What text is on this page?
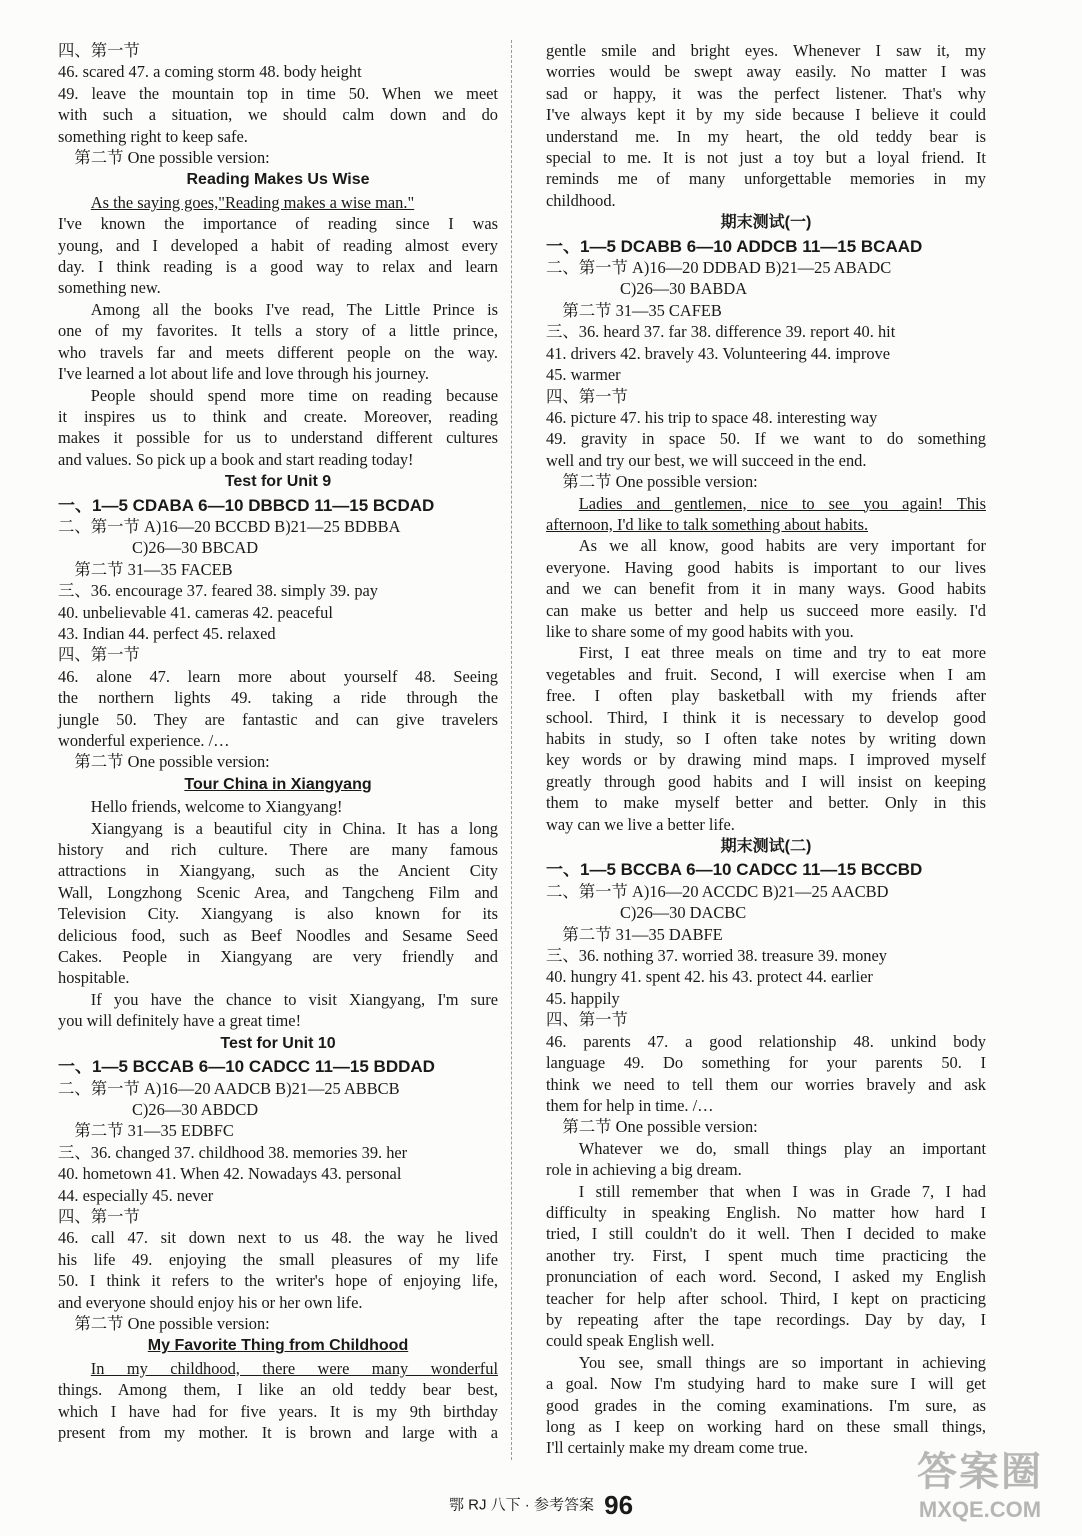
四、第一节
46. scared 47. a coming storm 48. body height
49. leave the mountain top in time 50. When we meet
with such a situation, we should calm down and do
something right to keep safe.
第二节 One possible version:
Reading Makes Us Wise
As the saying goes,"Reading makes a wise man."
I've known the importance of reading since I was
young, and I developed a habit of reading almost every
day. I think reading is a good way to relax and learn
something new.
Among all the books I've read, The Little Prince is
one of my favorites. It tells a story of a little prince,
who travels far and meets different people on the way.
I've learned a lot about life and love through his journey.
People should spend more time on reading because
it inspires us to think and create. Moreover, reading
makes it possible for us to understand different cultures
and values. So pick up a book and start reading today!
Test for Unit 9
一、1—5 CDABA 6—10 DBBCD 11—15 BCDAD
二、第一节 A)16—20 BCCBD B)21—25 BDBBA
C)26—30 BBCAD
第二节 31—35 FACEB
三、36. encourage 37. feared 38. simply 39. pay
40. unbelievable 41. cameras 42. peaceful
43. Indian 44. perfect 45. relaxed
四、第一节
46. alone 47. learn more about yourself 48. Seeing
the northern lights 49. taking a ride through the
jungle 50. They are fantastic and can give travelers
wonderful experience. /…
第二节 One possible version:
Tour China in Xiangyang
Hello friends, welcome to Xiangyang!
Xiangyang is a beautiful city in China. It has a long
history and rich culture. There are many famous
attractions in Xiangyang, such as the Ancient City
Wall, Longzhong Scenic Area, and Tangcheng Film and
Television City. Xiangyang is also known for its
delicious food, such as Beef Noodles and Sesame Seed
Cakes. People in Xiangyang are very friendly and
hospitable.
If you have the chance to visit Xiangyang, I'm sure
you will definitely have a great time!
Test for Unit 10
一、1—5 BCCAB 6—10 CADCC 11—15 BDDAD
二、第一节 A)16—20 AADCB B)21—25 ABBCB
C)26—30 ABDCD
第二节 31—35 EDBFC
三、36. changed 37. childhood 38. memories 39. her
40. hometown 41. When 42. Nowadays 43. personal
44. especially 45. never
四、第一节
46. call 47. sit down next to us 48. the way he lived
his life 49. enjoying the small pleasures of my life
50. I think it refers to the writer's hope of enjoying life,
and everyone should enjoy his or her own life.
第二节 One possible version:
My Favorite Thing from Childhood
In my childhood, there were many wonderful
things. Among them, I like an old teddy bear best,
which I have had for five years. It is my 9th birthday
present from my mother. It is brown and large with a
gentle smile and bright eyes. Whenever I saw it, my
worries would be swept away easily. No matter I was
sad or happy, it was the perfect listener. That's why
I've always kept it by my side because I believe it could
understand me. In my heart, the old teddy bear is
special to me. It is not just a toy but a loyal friend. It
reminds me of many unforgettable memories in my
childhood.
期末测试(一)
一、1—5 DCABB 6—10 ADDCB 11—15 BCAAD
二、第一节 A)16—20 DDBAD B)21—25 ABADC
C)26—30 BABDA
第二节 31—35 CAFEB
三、36. heard 37. far 38. difference 39. report 40. hit
41. drivers 42. bravely 43. Volunteering 44. improve
45. warmer
四、第一节
46. picture 47. his trip to space 48. interesting way
49. gravity in space 50. If we want to do something
well and try our best, we will succeed in the end.
第二节 One possible version:
Ladies and gentlemen, nice to see you again! This
afternoon, I'd like to talk something about habits.
As we all know, good habits are very important for
everyone. Having good habits is important to our lives
and we can benefit from it in many ways. Good habits
can make us better and help us succeed more easily. I'd
like to share some of my good habits with you.
First, I eat three meals on time and try to eat more
vegetables and fruit. Second, I will exercise when I am
free. I often play basketball with my friends after
school. Third, I think it is necessary to develop good
habits in study, so I often take notes by writing down
key words or by drawing mind maps. I improved myself
greatly through good habits and I will insist on keeping
them to make myself better and better. Only in this
way can we live a better life.
期末测试(二)
一、1—5 BCCBA 6—10 CADCC 11—15 BCCBD
二、第一节 A)16—20 ACCDC B)21—25 AACBD
C)26—30 DACBC
第二节 31—35 DABFE
三、36. nothing 37. worried 38. treasure 39. money
40. hungry 41. spent 42. his 43. protect 44. earlier
45. happily
四、第一节
46. parents 47. a good relationship 48. unkind body
language 49. Do something for your parents 50. I
think we need to tell them our worries bravely and ask
them for help in time. /…
第二节 One possible version:
Whatever we do, small things play an important
role in achieving a big dream.
I still remember that when I was in Grade 7, I had
difficulty in speaking English. No matter how hard I
tried, I still couldn't do it well. Then I decided to make
another try. First, I spent much time practicing the
pronunciation of each word. Second, I asked my English
teacher for help after school. Third, I kept on practicing
by repeating after the tape recordings. Day by day, I
could speak English well.
You see, small things are so important in achieving
a goal. Now I'm studying hard to make sure I will get
good grades in the coming examinations. I'm sure, as
long as I keep on working hard on these small things,
I'll certainly make my dream come true.
鄂 RJ 八下 · 参考答案 96
答案圈
MXQE.COM
